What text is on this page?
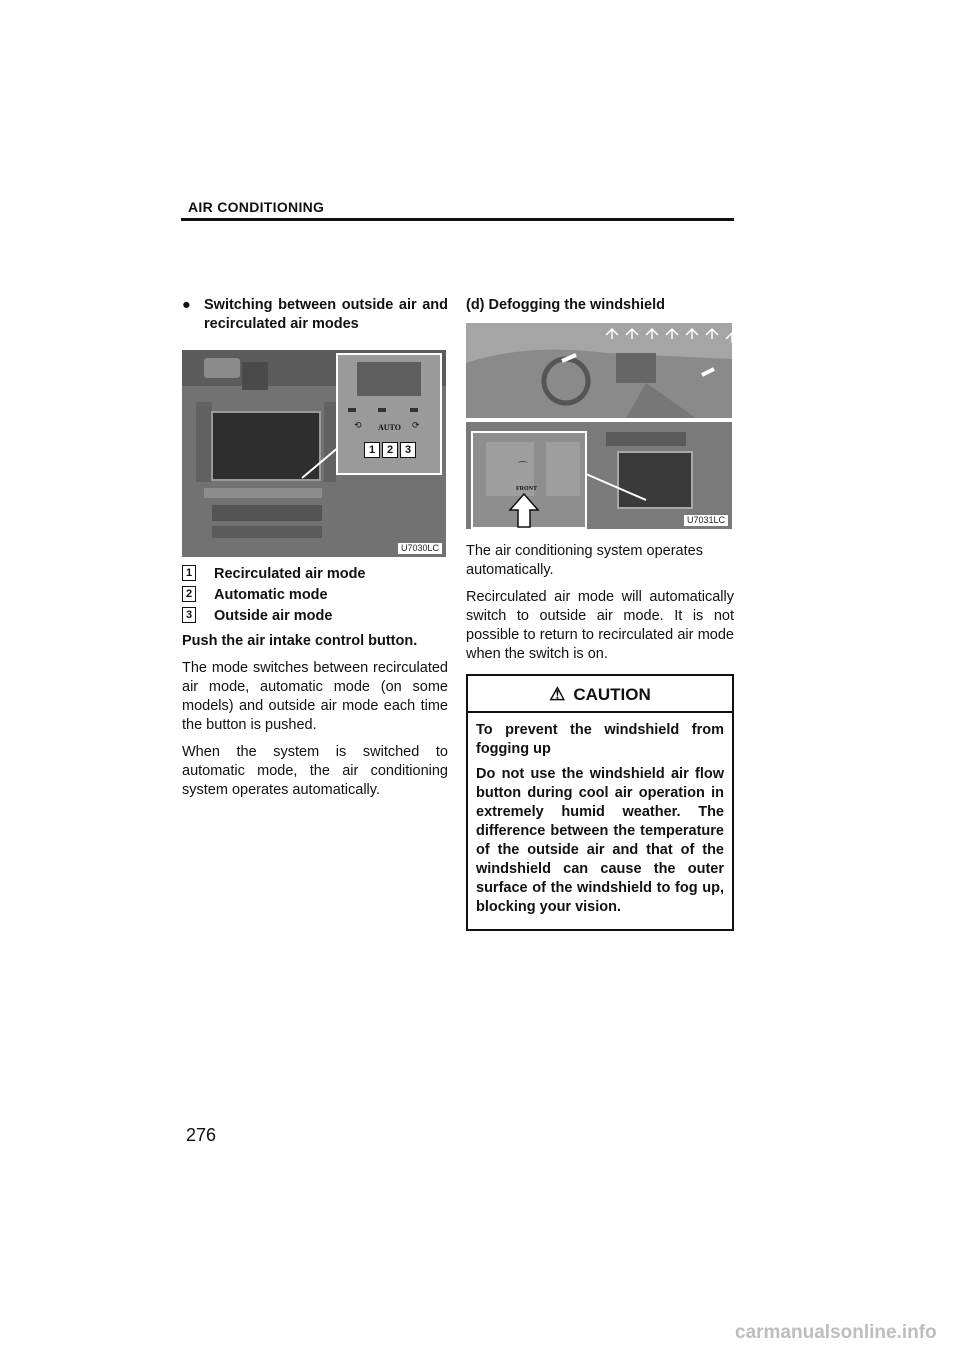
AIR CONDITIONING
● Switching between outside air and recirculated air modes
AUTO
⟲	⟳
1	2	3
U7030LC
1 Recirculated air mode
2 Automatic mode
3 Outside air mode

Push the air intake control button.

The mode switches between recirculated air mode, automatic mode (on some models) and outside air mode each time the button is pushed.

When the system is switched to automatic mode, the air conditioning system operates automatically.

(d) Defogging the windshield
FRONT
⌒
U7031LC

The air conditioning system operates automatically.

Recirculated air mode will automatically switch to outside air mode. It is not possible to return to recirculated air mode when the switch is on.

⚠ CAUTION

To prevent the windshield from fogging up

Do not use the windshield air flow button during cool air operation in extremely humid weather. The difference between the temperature of the outside air and that of the windshield can cause the outer surface of the windshield to fog up, blocking your vision.

276
carmanualsonline.info
